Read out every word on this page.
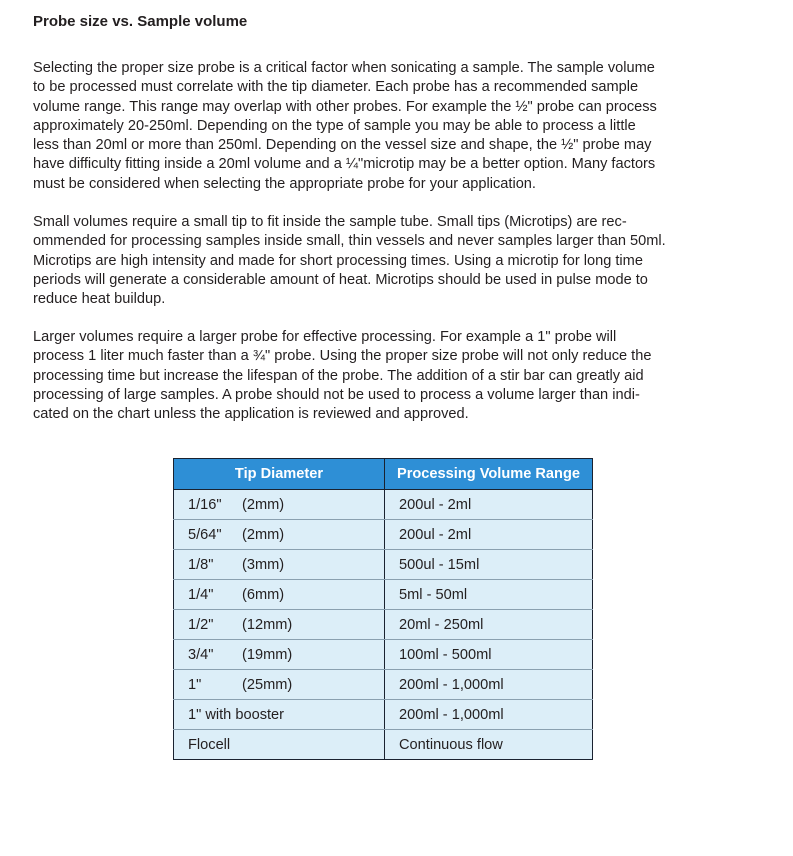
Probe size vs. Sample volume
Selecting the proper size probe is a critical factor when sonicating a sample. The sample volume
to be processed must correlate with the tip diameter. Each probe has a recommended sample
volume range. This range may overlap with other probes. For example the ½" probe can process
approximately 20-250ml. Depending on the type of sample you may be able to process a little
less than 20ml or more than 250ml. Depending on the vessel size and shape, the ½" probe may
have difficulty fitting inside a 20ml volume and a ¼"microtip may be a better option. Many factors
must be considered when selecting the appropriate probe for your application.
Small volumes require a small tip to fit inside the sample tube. Small tips (Microtips) are rec-
ommended for processing samples inside small, thin vessels and never samples larger than 50ml.
Microtips are high intensity and made for short processing times. Using a microtip for long time
periods will generate a considerable amount of heat. Microtips should be used in pulse mode to
reduce heat buildup.
Larger volumes require a larger probe for effective processing. For example a 1" probe will
process 1 liter much faster than a ¾" probe. Using the proper size probe will not only reduce the
processing time but increase the lifespan of the probe. The addition of a stir bar can greatly aid
processing of large samples. A probe should not be used to process a volume larger than indi-
cated on the chart unless the application is reviewed and approved.
Tip Diameter	Processing Volume Range
1/16" (2mm)	200ul - 2ml
5/64" (2mm)	200ul - 2ml
1/8" (3mm)	500ul - 15ml
1/4" (6mm)	5ml - 50ml
1/2" (12mm)	20ml - 250ml
3/4" (19mm)	100ml - 500ml
1" (25mm)	200ml - 1,000ml
1" with booster	200ml - 1,000ml
Flocell	Continuous flow
